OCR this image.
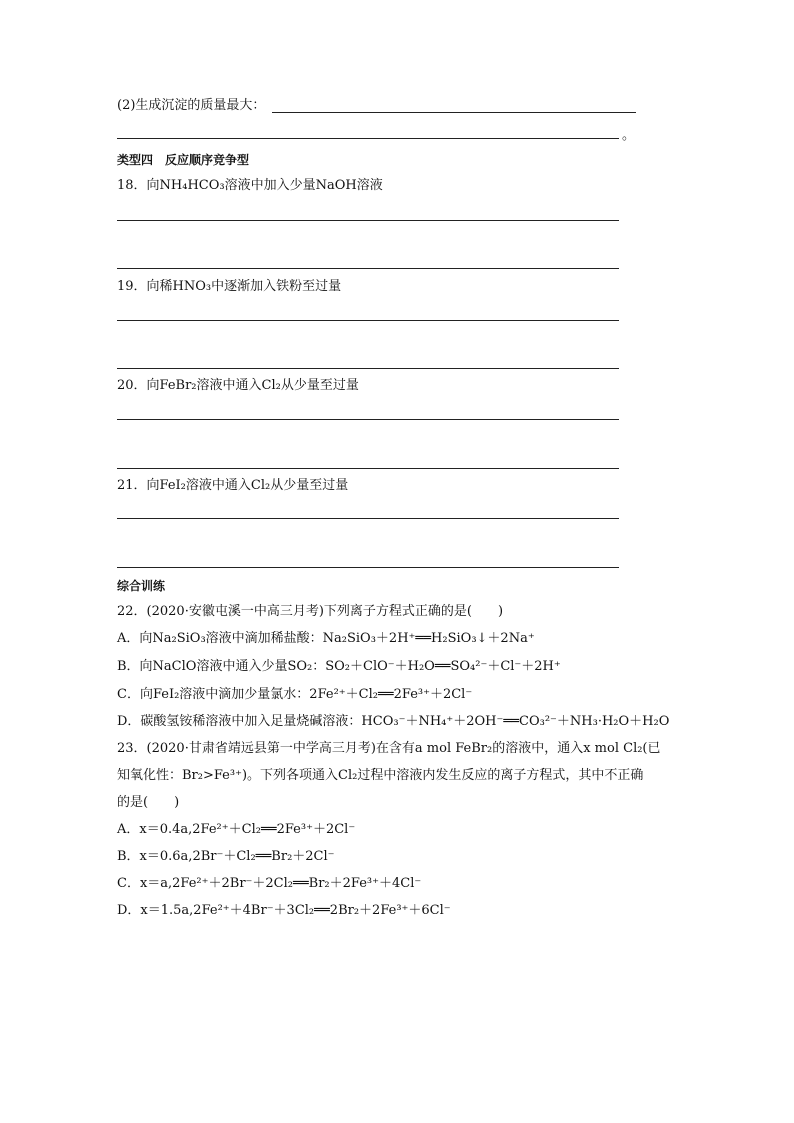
(2)生成沉淀的质量最大：
。
类型四　反应顺序竞争型
18．向NH₄HCO₃溶液中加入少量NaOH溶液
19．向稀HNO₃中逐渐加入铁粉至过量
20．向FeBr₂溶液中通入Cl₂从少量至过量
21．向FeI₂溶液中通入Cl₂从少量至过量
综合训练
22．(2020·安徽屯溪一中高三月考)下列离子方程式正确的是(　　)
A．向Na₂SiO₃溶液中滴加稀盐酸：Na₂SiO₃＋2H⁺══H₂SiO₃↓＋2Na⁺
B．向NaClO溶液中通入少量SO₂：SO₂＋ClO⁻＋H₂O══SO₄²⁻＋Cl⁻＋2H⁺
C．向FeI₂溶液中滴加少量氯水：2Fe²⁺＋Cl₂══2Fe³⁺＋2Cl⁻
D．碳酸氢铵稀溶液中加入足量烧碱溶液：HCO₃⁻＋NH₄⁺＋2OH⁻══CO₃²⁻＋NH₃·H₂O＋H₂O
23．(2020·甘肃省靖远县第一中学高三月考)在含有a mol FeBr₂的溶液中，通入x mol Cl₂(已
知氧化性：Br₂>Fe³⁺)。下列各项通入Cl₂过程中溶液内发生反应的离子方程式，其中不正确
的是(　　)
A．x＝0.4a,2Fe²⁺＋Cl₂══2Fe³⁺＋2Cl⁻
B．x＝0.6a,2Br⁻＋Cl₂══Br₂＋2Cl⁻
C．x＝a,2Fe²⁺＋2Br⁻＋2Cl₂══Br₂＋2Fe³⁺＋4Cl⁻
D．x＝1.5a,2Fe²⁺＋4Br⁻＋3Cl₂══2Br₂＋2Fe³⁺＋6Cl⁻
